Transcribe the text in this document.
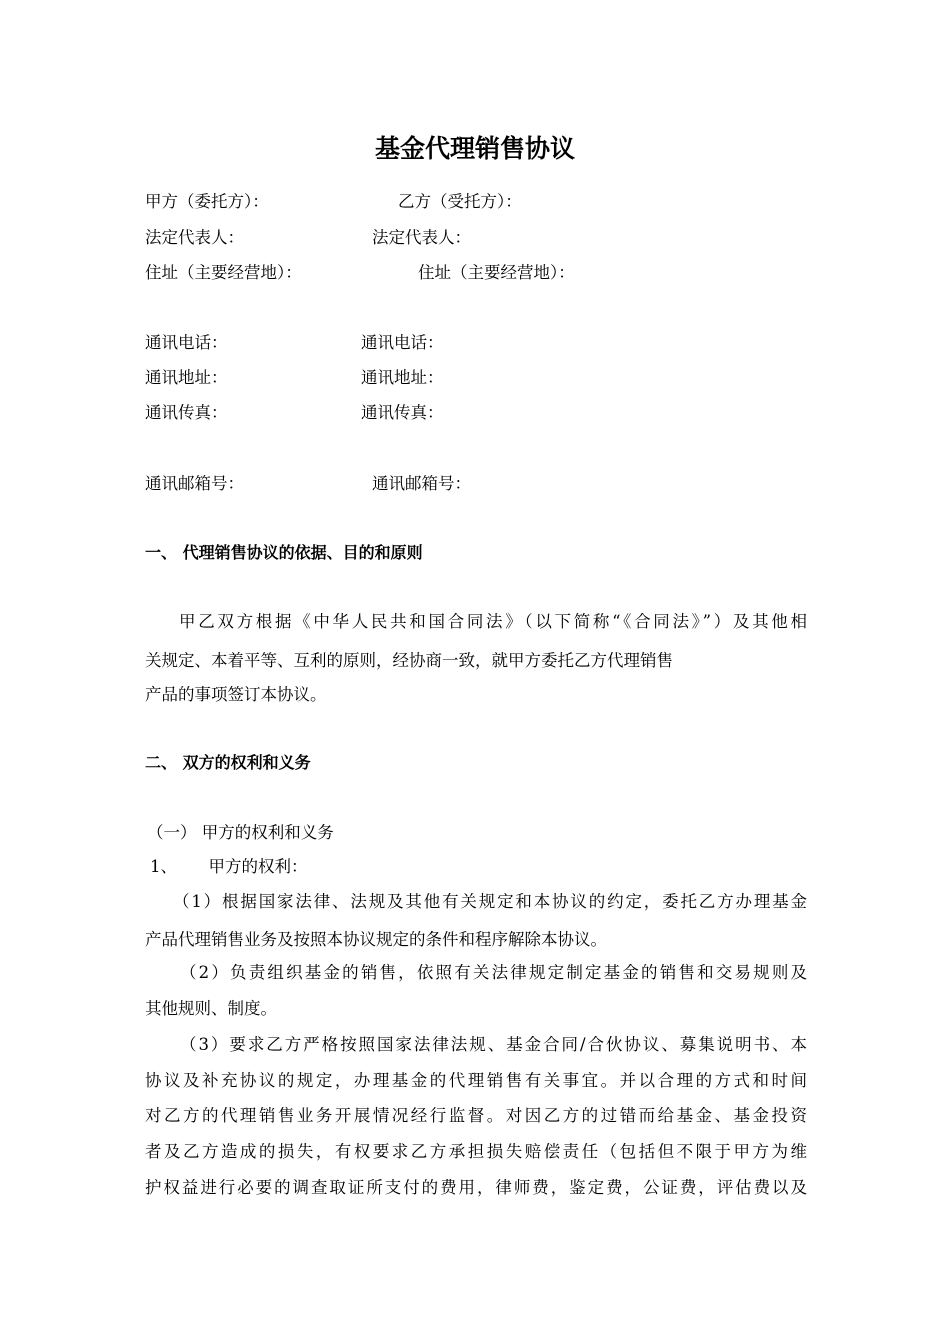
基金代理销售协议
甲方（委托方）：	乙方（受托方）：
法定代表人：	法定代表人：
住址（主要经营地）：	住址（主要经营地）：
通讯电话：	通讯电话：
通讯地址：	通讯地址：
通讯传真：	通讯传真：
通讯邮箱号：	通讯邮箱号：
一、 代理销售协议的依据、目的和原则
甲乙双方根据《中华人民共和国合同法》（以下简称“《合同法》”）及其他相
关规定、本着平等、互利的原则，经协商一致，就甲方委托乙方代理销售
产品的事项签订本协议。
二、 双方的权利和义务
（一） 甲方的权利和义务
1、      甲方的权利：
（1）根据国家法律、法规及其他有关规定和本协议的约定，委托乙方办理基金
产品代理销售业务及按照本协议规定的条件和程序解除本协议。
（2）负责组织基金的销售，依照有关法律规定制定基金的销售和交易规则及
其他规则、制度。
（3）要求乙方严格按照国家法律法规、基金合同/合伙协议、募集说明书、本
协议及补充协议的规定，办理基金的代理销售有关事宜。并以合理的方式和时间
对乙方的代理销售业务开展情况经行监督。对因乙方的过错而给基金、基金投资
者及乙方造成的损失，有权要求乙方承担损失赔偿责任（包括但不限于甲方为维
护权益进行必要的调查取证所支付的费用，律师费，鉴定费，公证费，评估费以及
